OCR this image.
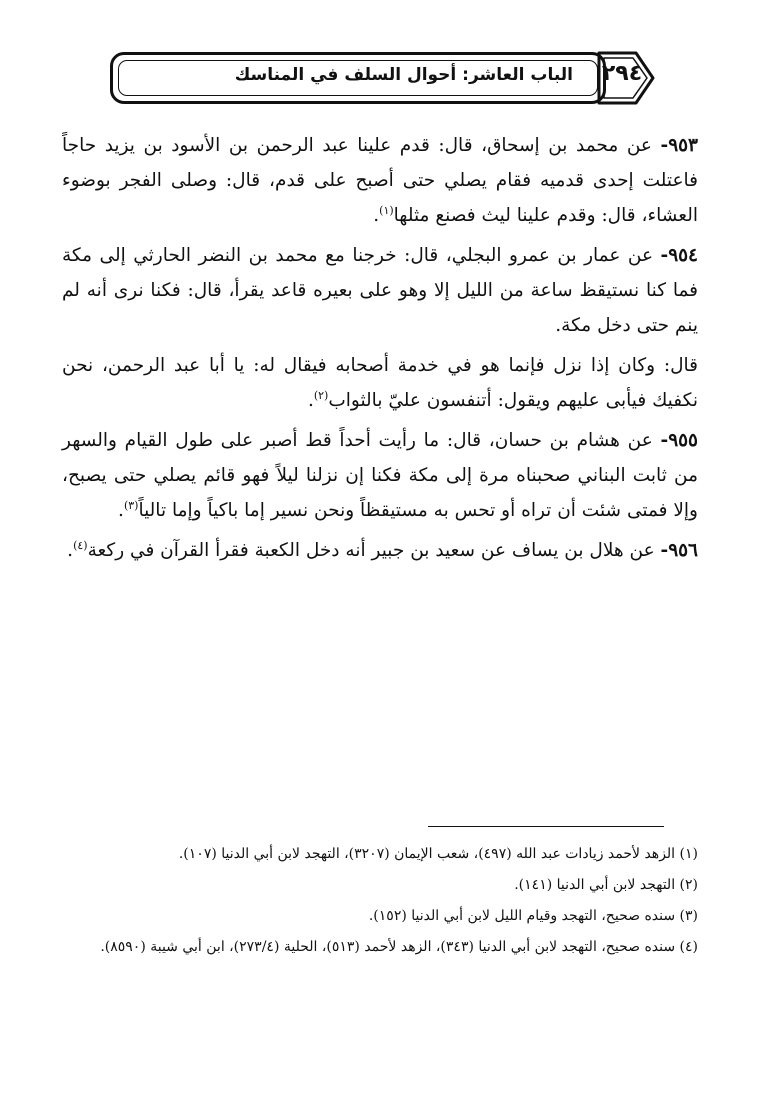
الباب العاشر: أحوال السلف في المناسك ٢٩٤

٩٥٣- عن محمد بن إسحاق، قال: قدم علينا عبد الرحمن بن الأسود بن يزيد حاجاً فاعتلت إحدى قدميه فقام يصلي حتى أصبح على قدم، قال: وصلى الفجر بوضوء العشاء، قال: وقدم علينا ليث فصنع مثلها$^{(١)}$.

٩٥٤- عن عمار بن عمرو البجلي، قال: خرجنا مع محمد بن النضر الحارثي إلى مكة فما كنا نستيقظ ساعة من الليل إلا وهو على بعيره قاعد يقرأ، قال: فكنا نرى أنه لم ينم حتى دخل مكة.

قال: وكان إذا نزل فإنما هو في خدمة أصحابه فيقال له: يا أبا عبد الرحمن، نحن نكفيك فيأبى عليهم ويقول: أتنفسون عليّ بالثواب$^{(٢)}$.

٩٥٥- عن هشام بن حسان، قال: ما رأيت أحداً قط أصبر على طول القيام والسهر من ثابت البناني صحبناه مرة إلى مكة فكنا إن نزلنا ليلاً فهو قائم يصلي حتى يصبح، وإلا فمتى شئت أن تراه أو تحس به مستيقظاً ونحن نسير إما باكياً وإما تالياً$^{(٣)}$.

٩٥٦- عن هلال بن يساف عن سعيد بن جبير أنه دخل الكعبة فقرأ القرآن في ركعة$^{(٤)}$.

(١) الزهد لأحمد زيادات عبد الله (٤٩٧)، شعب الإيمان (٣٢٠٧)، التهجد لابن أبي الدنيا (١٠٧).

(٢) التهجد لابن أبي الدنيا (١٤١).

(٣) سنده صحيح، التهجد وقيام الليل لابن أبي الدنيا (١٥٢).

(٤) سنده صحيح، التهجد لابن أبي الدنيا (٣٤٣)، الزهد لأحمد (٥١٣)، الحلية (٢٧٣/٤)، ابن أبي شيبة (٨٥٩٠).
